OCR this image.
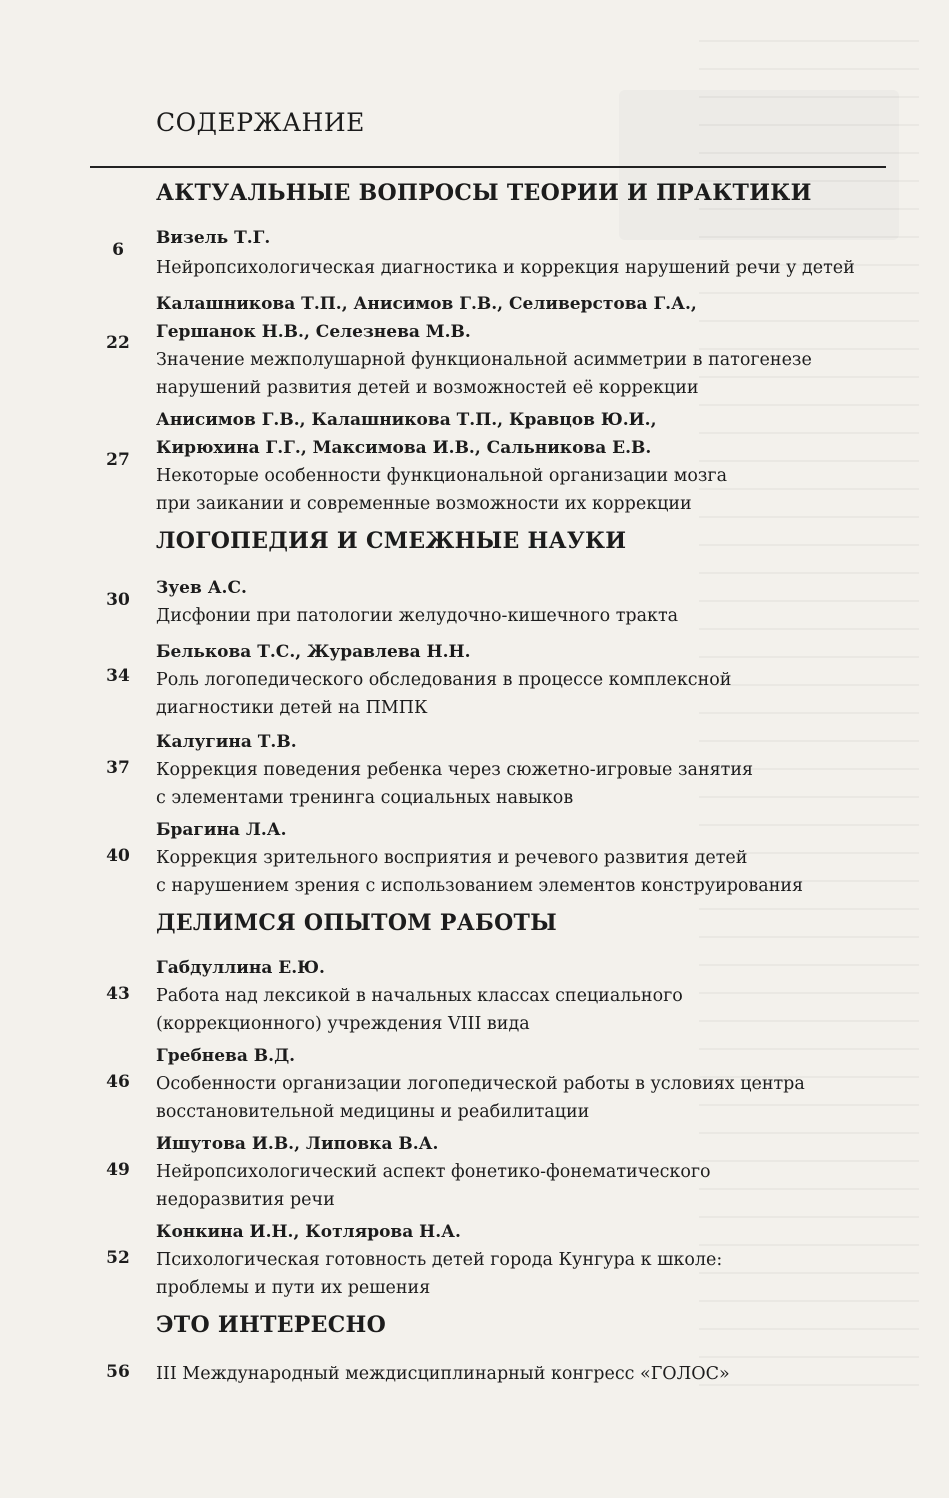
СОДЕРЖАНИЕ
АКТУАЛЬНЫЕ ВОПРОСЫ ТЕОРИИ И ПРАКТИКИ
6
Визель Т.Г.
Нейропсихологическая диагностика и коррекция нарушений речи у детей
22
Калашникова Т.П., Анисимов Г.В., Селиверстова Г.А.,
Гершанок Н.В., Селезнева М.В.
Значение межполушарной функциональной асимметрии в патогенезе
нарушений развития детей и возможностей её коррекции
27
Анисимов Г.В., Калашникова Т.П., Кравцов Ю.И.,
Кирюхина Г.Г., Максимова И.В., Сальникова Е.В.
Некоторые особенности функциональной организации мозга
при заикании и современные возможности их коррекции
ЛОГОПЕДИЯ И СМЕЖНЫЕ НАУКИ
30
Зуев А.С.
Дисфонии при патологии желудочно-кишечного тракта
34
Белькова Т.С., Журавлева Н.Н.
Роль логопедического обследования в процессе комплексной
диагностики детей на ПМПК
37
Калугина Т.В.
Коррекция поведения ребенка через сюжетно-игровые занятия
с элементами тренинга социальных навыков
40
Брагина Л.А.
Коррекция зрительного восприятия и речевого развития детей
с нарушением зрения с использованием элементов конструирования
ДЕЛИМСЯ ОПЫТОМ РАБОТЫ
43
Габдуллина Е.Ю.
Работа над лексикой в начальных классах специального
(коррекционного) учреждения VIII вида
46
Гребнева В.Д.
Особенности организации логопедической работы в условиях центра
восстановительной медицины и реабилитации
49
Ишутова И.В., Липовка В.А.
Нейропсихологический аспект фонетико-фонематического
недоразвития речи
52
Конкина И.Н., Котлярова Н.А.
Психологическая готовность детей города Кунгура к школе:
проблемы и пути их решения
ЭТО ИНТЕРЕСНО
56 III Международный междисциплинарный конгресс «ГОЛОС»
